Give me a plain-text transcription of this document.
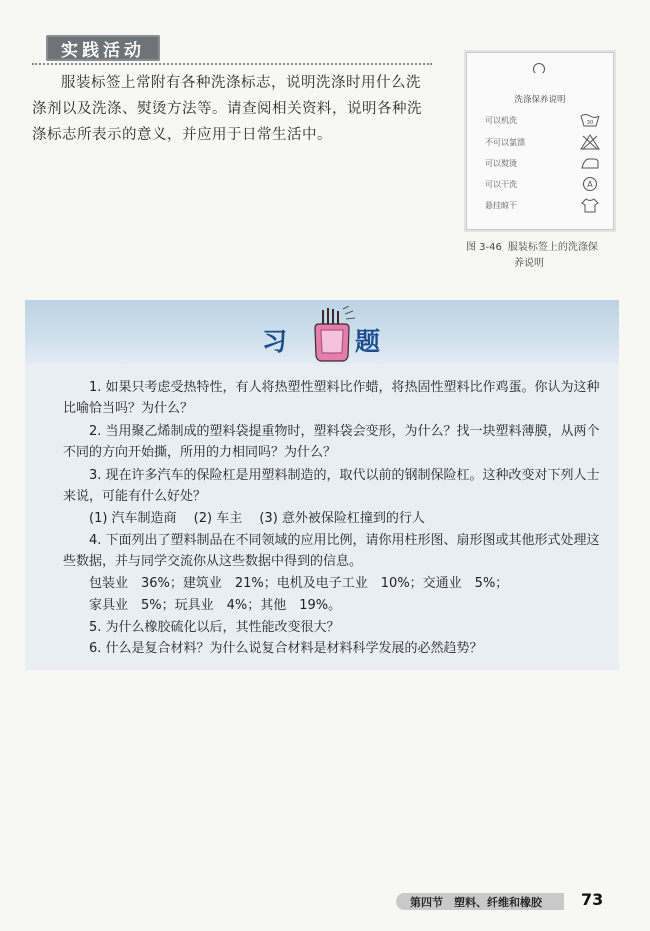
实践活动

服装标签上常附有各种洗涤标志，说明洗涤时用什么洗涤剂以及洗涤、熨烫方法等。请查阅相关资料，说明各种洗涤标志所表示的意义，并应用于日常生活中。

洗涤保养说明
可以机洗	30
不可以氯漂
可以熨烫
可以干洗	A
悬挂晾干
图 3-46 服装标签上的洗涤保
养说明
习	题

1. 如果只考虑受热特性，有人将热塑性塑料比作蜡，将热固性塑料比作鸡蛋。你认为这种比喻恰当吗？为什么？

2. 当用聚乙烯制成的塑料袋提重物时，塑料袋会变形，为什么？找一块塑料薄膜，从两个不同的方向开始撕，所用的力相同吗？为什么？

3. 现在许多汽车的保险杠是用塑料制造的，取代以前的钢制保险杠。这种改变对下列人士来说，可能有什么好处？

(1) 汽车制造商　 (2) 车主　 (3) 意外被保险杠撞到的行人

4. 下面列出了塑料制品在不同领域的应用比例，请你用柱形图、扇形图或其他形式处理这些数据，并与同学交流你从这些数据中得到的信息。

包装业　36%；建筑业　21%；电机及电子工业　10%；交通业　5%；

家具业　5%；玩具业　4%；其他　19%。

5. 为什么橡胶硫化以后，其性能改变很大？

6. 什么是复合材料？为什么说复合材料是材料科学发展的必然趋势？

第四节　塑料、纤维和橡胶 73
